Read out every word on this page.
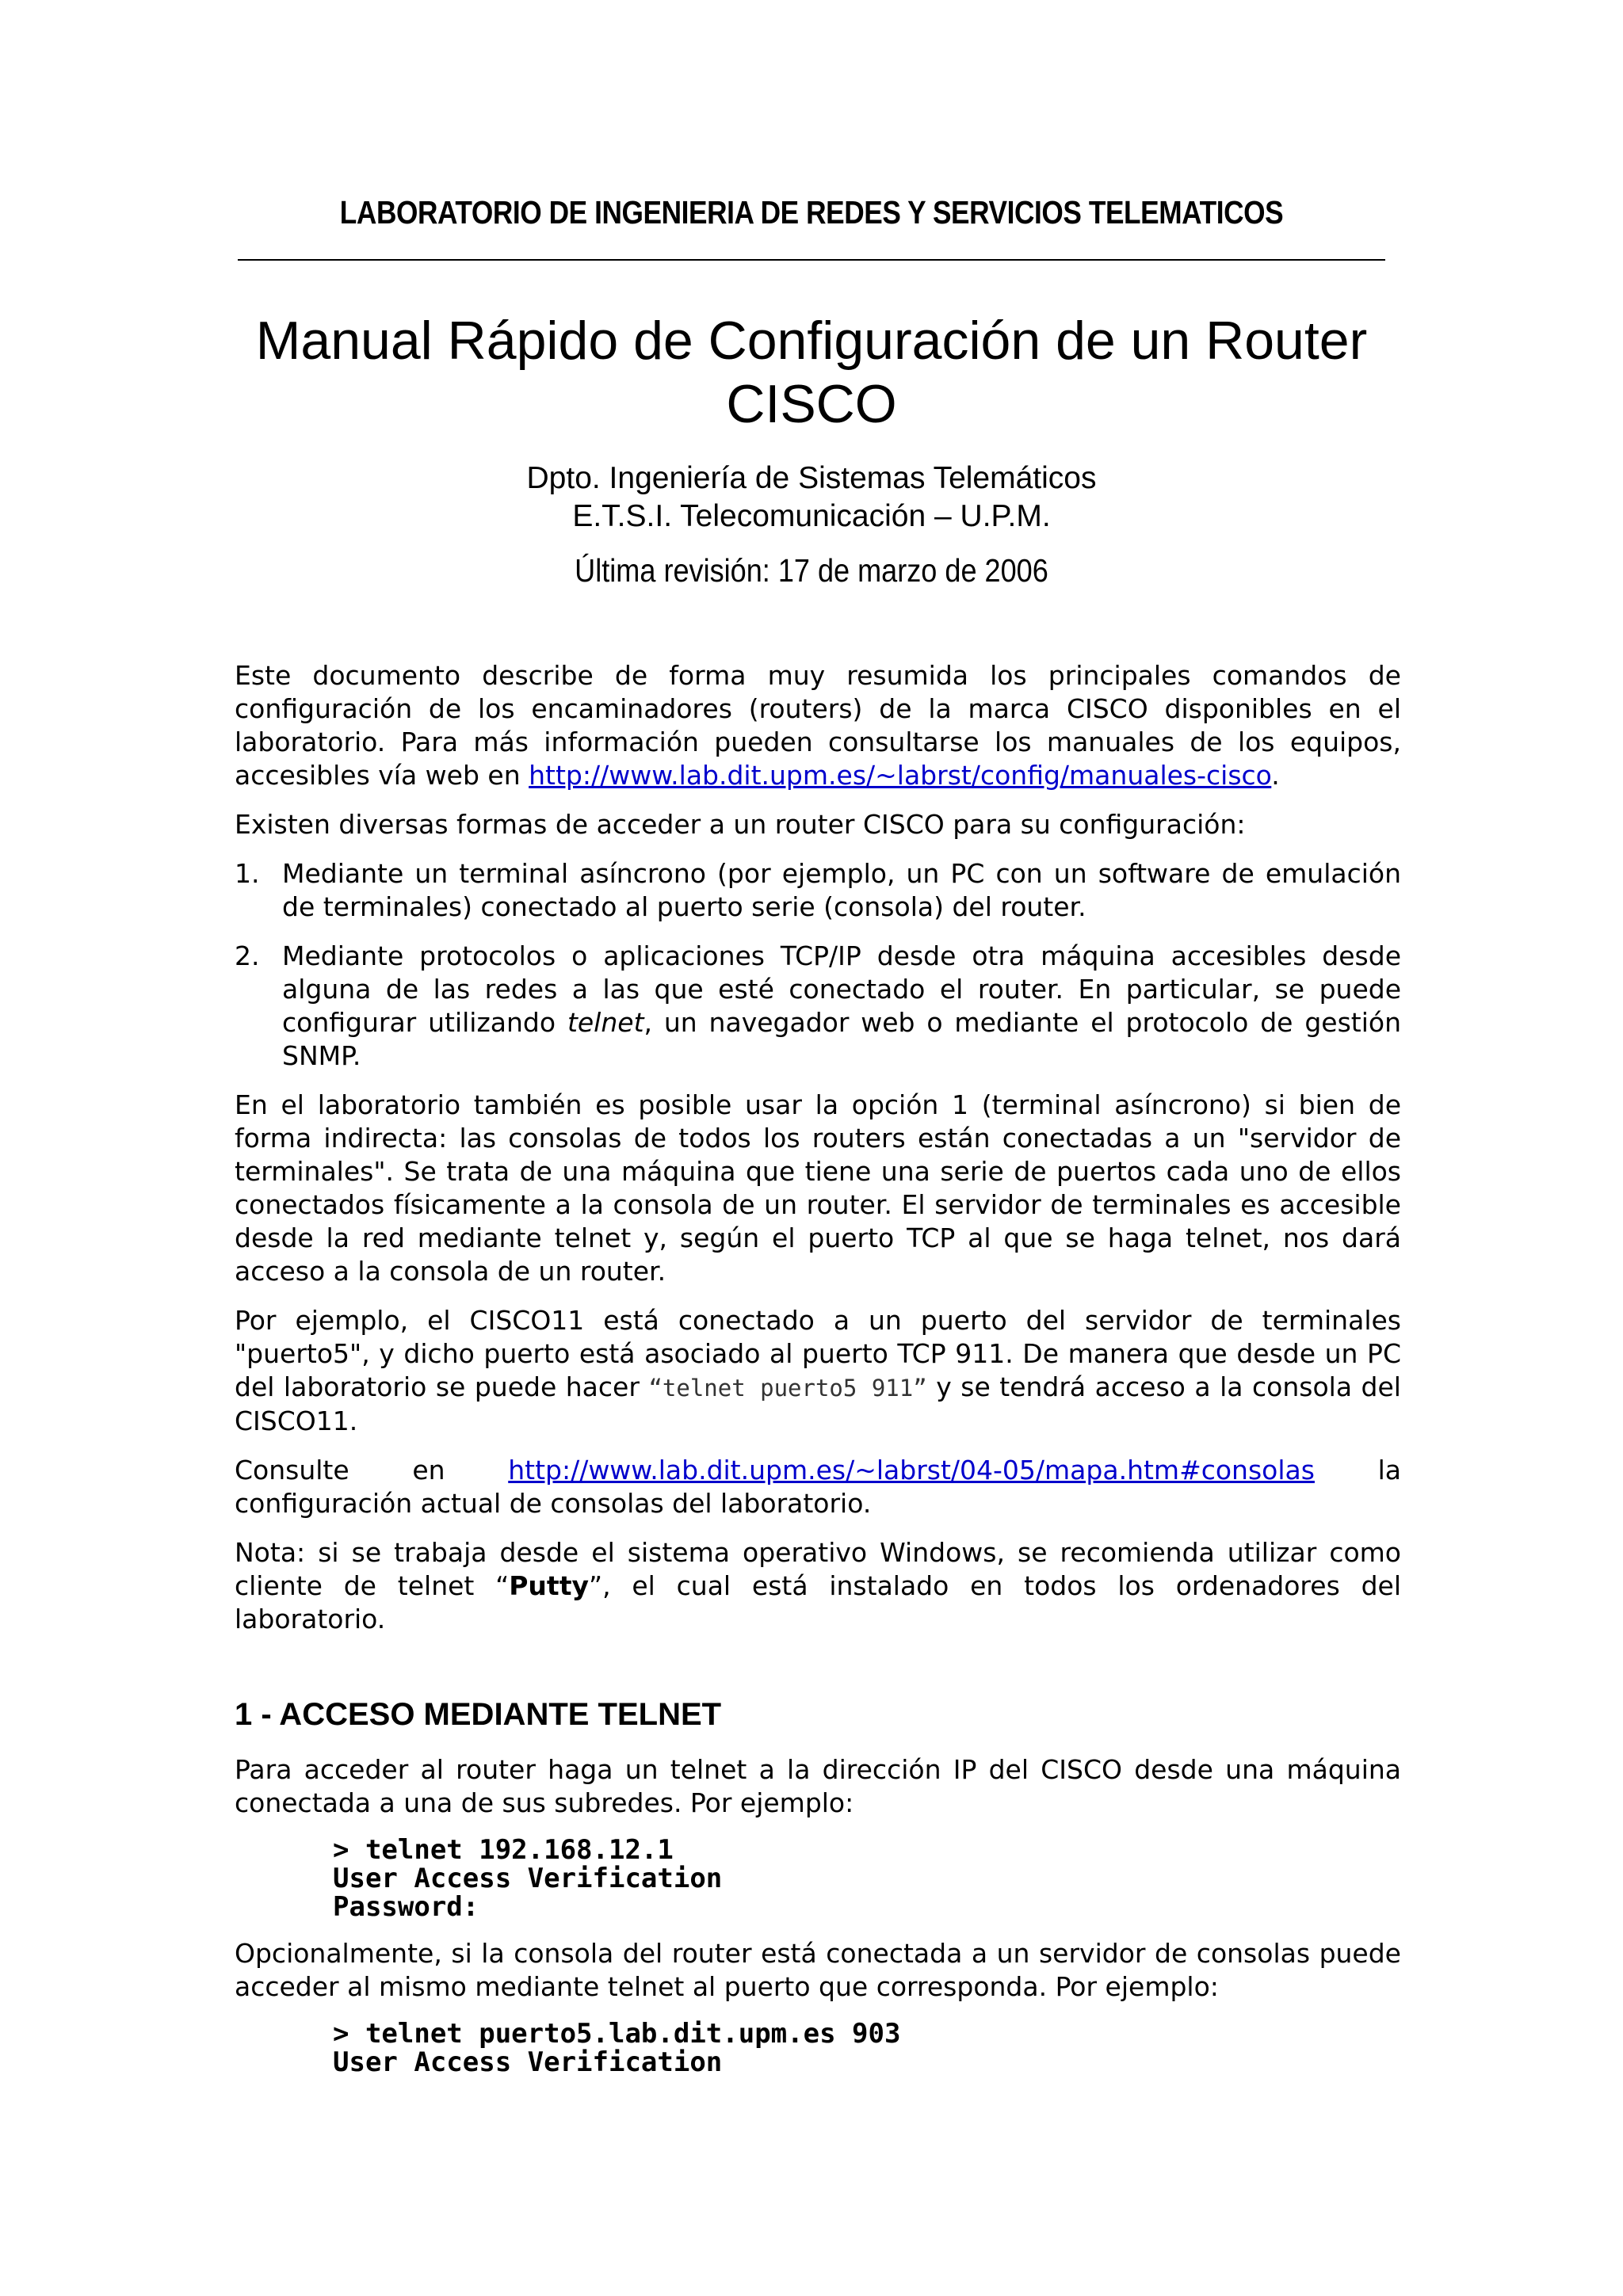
LABORATORIO DE INGENIERIA DE REDES Y SERVICIOS TELEMATICOS
Manual Rápido de Configuración de un Router
CISCO
Dpto. Ingeniería de Sistemas Telemáticos
E.T.S.I. Telecomunicación – U.P.M.
Última revisión: 17 de marzo de 2006

Este documento describe de forma muy resumida los principales comandos de configuración de los encaminadores (routers) de la marca CISCO disponibles en el laboratorio. Para más información pueden consultarse los manuales de los equipos, accesibles vía web en http://www.lab.dit.upm.es/~labrst/config/manuales-cisco.

Existen diversas formas de acceder a un router CISCO para su configuración:

1. Mediante un terminal asíncrono (por ejemplo, un PC con un software de emulación de terminales) conectado al puerto serie (consola) del router.
2. Mediante protocolos o aplicaciones TCP/IP desde otra máquina accesibles desde alguna de las redes a las que esté conectado el router. En particular, se puede configurar utilizando telnet, un navegador web o mediante el protocolo de gestión SNMP.

En el laboratorio también es posible usar la opción 1 (terminal asíncrono) si bien de forma indirecta: las consolas de todos los routers están conectadas a un "servidor de terminales". Se trata de una máquina que tiene una serie de puertos cada uno de ellos conectados físicamente a la consola de un router. El servidor de terminales es accesible desde la red mediante telnet y, según el puerto TCP al que se haga telnet, nos dará acceso a la consola de un router.

Por ejemplo, el CISCO11 está conectado a un puerto del servidor de terminales "puerto5", y dicho puerto está asociado al puerto TCP 911. De manera que desde un PC del laboratorio se puede hacer “telnet puerto5 911” y se tendrá acceso a la consola del CISCO11.

Consulte en http://www.lab.dit.upm.es/~labrst/04-05/mapa.htm#consolas la configuración actual de consolas del laboratorio.

Nota: si se trabaja desde el sistema operativo Windows, se recomienda utilizar como cliente de telnet “Putty”, el cual está instalado en todos los ordenadores del laboratorio.

1 - ACCESO MEDIANTE TELNET

Para acceder al router haga un telnet a la dirección IP del CISCO desde una máquina conectada a una de sus subredes. Por ejemplo:

> telnet 192.168.12.1
User Access Verification
Password:

Opcionalmente, si la consola del router está conectada a un servidor de consolas puede acceder al mismo mediante telnet al puerto que corresponda. Por ejemplo:

> telnet puerto5.lab.dit.upm.es 903
User Access Verification
